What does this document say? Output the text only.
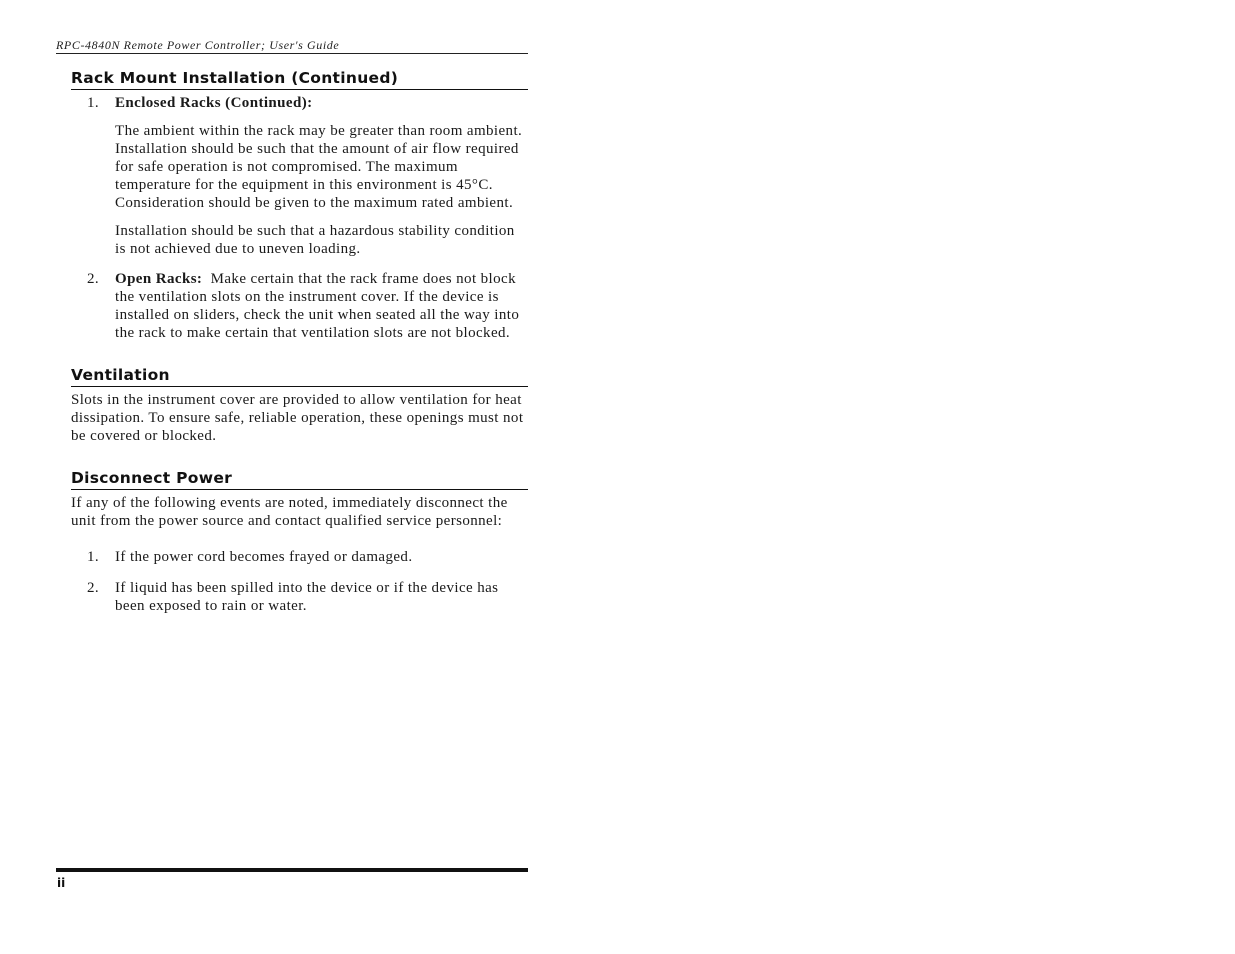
RPC-4840N Remote Power Controller; User's Guide
Rack Mount Installation (Continued)
1. Enclosed Racks (Continued):

The ambient within the rack may be greater than room ambient. Installation should be such that the amount of air flow required for safe operation is not compromised. The maximum temperature for the equipment in this environment is 45°C. Consideration should be given to the maximum rated ambient.

Installation should be such that a hazardous stability condition is not achieved due to uneven loading.

2. Open Racks: Make certain that the rack frame does not block the ventilation slots on the instrument cover. If the device is installed on sliders, check the unit when seated all the way into the rack to make certain that ventilation slots are not blocked.

Ventilation

Slots in the instrument cover are provided to allow ventilation for heat dissipation. To ensure safe, reliable operation, these openings must not be covered or blocked.

Disconnect Power

If any of the following events are noted, immediately disconnect the unit from the power source and contact qualified service personnel:

1. If the power cord becomes frayed or damaged.

2. If liquid has been spilled into the device or if the device has been exposed to rain or water.

ii
